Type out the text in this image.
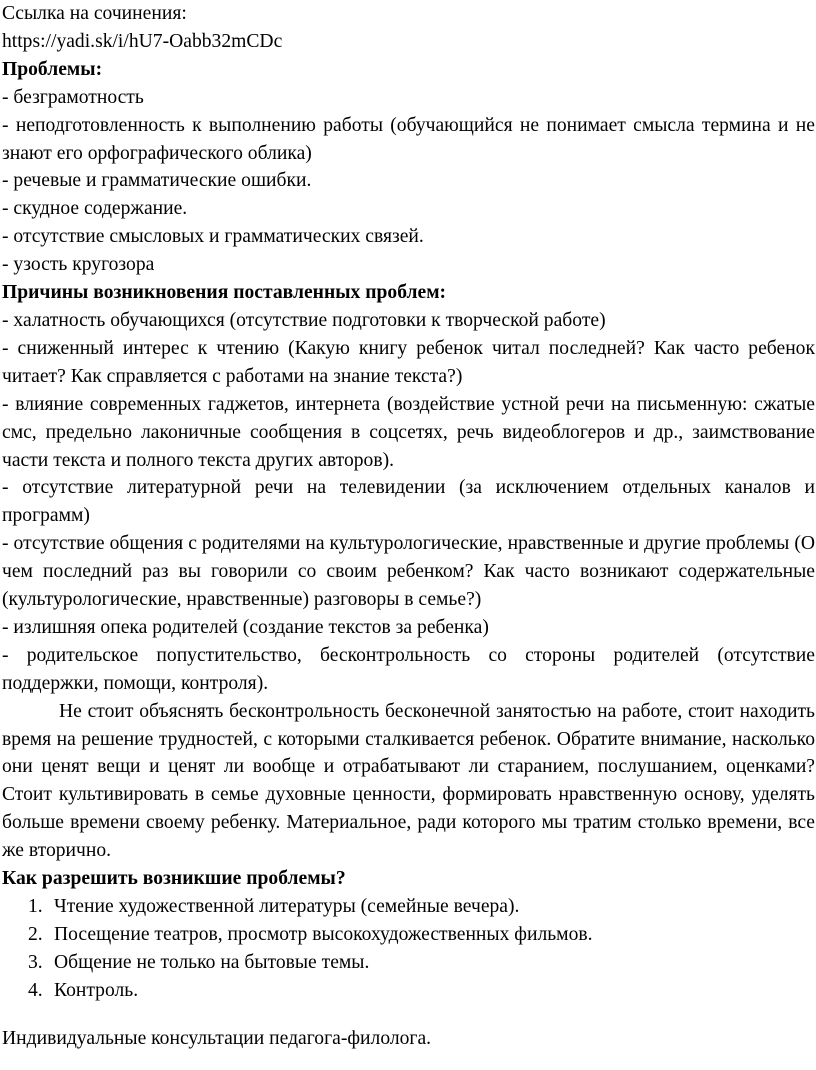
Ссылка на сочинения:

https://yadi.sk/i/hU7-Oabb32mCDc

Проблемы:

- безграмотность

- неподготовленность к выполнению работы (обучающийся не понимает смысла термина и не знают его орфографического облика)

- речевые и грамматические ошибки.

- скудное содержание.

- отсутствие смысловых и грамматических связей.

- узость кругозора

Причины возникновения поставленных проблем:

- халатность обучающихся (отсутствие подготовки к творческой работе)

- сниженный интерес к чтению (Какую книгу ребенок читал последней? Как часто ребенок читает? Как справляется с работами на знание текста?)

- влияние современных гаджетов, интернета (воздействие устной речи на письменную: сжатые смс, предельно лаконичные сообщения в соцсетях, речь видеоблогеров и др., заимствование части текста и полного текста других авторов).

- отсутствие литературной речи на телевидении (за исключением отдельных каналов и программ)

- отсутствие общения с родителями на культурологические, нравственные и другие проблемы (О чем последний раз вы говорили со своим ребенком? Как часто возникают содержательные (культурологические, нравственные) разговоры в семье?)

- излишняя опека родителей (создание текстов за ребенка)

- родительское попустительство, бесконтрольность со стороны родителей (отсутствие поддержки, помощи, контроля).

Не стоит объяснять бесконтрольность бесконечной занятостью на работе, стоит находить время на решение трудностей, с которыми сталкивается ребенок. Обратите внимание, насколько они ценят вещи и ценят ли вообще и отрабатывают ли старанием, послушанием, оценками? Стоит культивировать в семье духовные ценности, формировать нравственную основу, уделять больше времени своему ребенку. Материальное, ради которого мы тратим столько времени, все же вторично.

Как разрешить возникшие проблемы?

1. Чтение художественной литературы (семейные вечера).
2. Посещение театров, просмотр высокохудожественных фильмов.
3. Общение не только на бытовые темы.
4. Контроль.

Индивидуальные консультации педагога-филолога.
